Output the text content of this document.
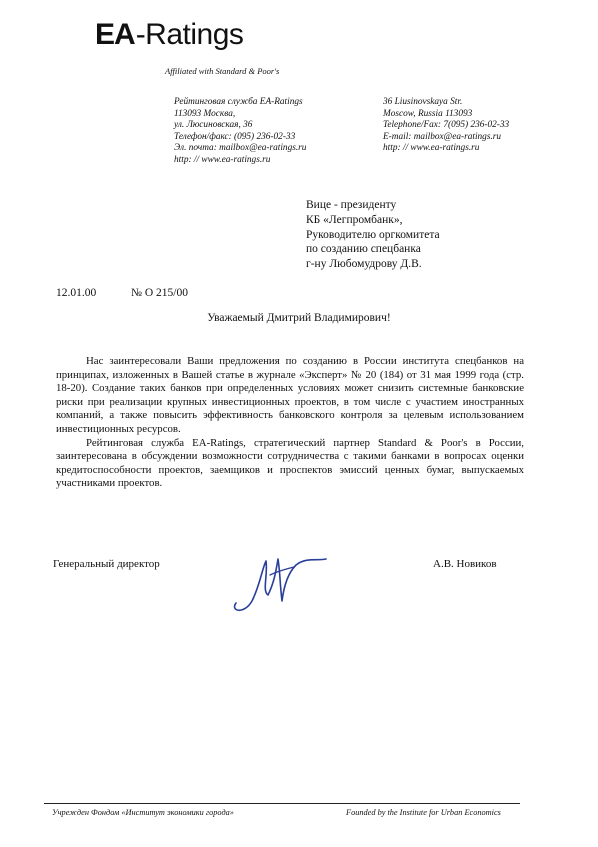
EA-Ratings
Affiliated with Standard & Poor's
Рейтинговая служба EA-Ratings
113093 Москва,
ул. Люсиновская, 36
Телефон/факс: (095) 236-02-33
Эл. почта: mailbox@ea-ratings.ru
http: // www.ea-ratings.ru
36 Liusinovskaya Str.
Moscow, Russia 113093
Telephone/Fax: 7(095) 236-02-33
E-mail: mailbox@ea-ratings.ru
http: // www.ea-ratings.ru
Вице - президенту
КБ «Легпромбанк»,
Руководителю оргкомитета
по созданию спецбанка
г-ну Любомудрову Д.В.
12.01.00	№ О 215/00
Уважаемый Дмитрий Владимирович!

Нас заинтересовали Ваши предложения по созданию в России института спецбанков на принципах, изложенных в Вашей статье в журнале «Эксперт» № 20 (184) от 31 мая 1999 года (стр. 18-20). Создание таких банков при определенных условиях может снизить системные банковские риски при реализации крупных инвестиционных проектов, в том числе с участием иностранных компаний, а также повысить эффективность банковского контроля за целевым использованием инвестиционных ресурсов.

Рейтинговая служба EA-Ratings, стратегический партнер Standard & Poor's в России, заинтересована в обсуждении возможности сотрудничества с такими банками в вопросах оценки кредитоспособности проектов, заемщиков и проспектов эмиссий ценных бумаг, выпускаемых участниками проектов.

Генеральный директор	А.В. Новиков
Учрежден Фондом «Институт экономики города»	Founded by the Institute for Urban Economics
